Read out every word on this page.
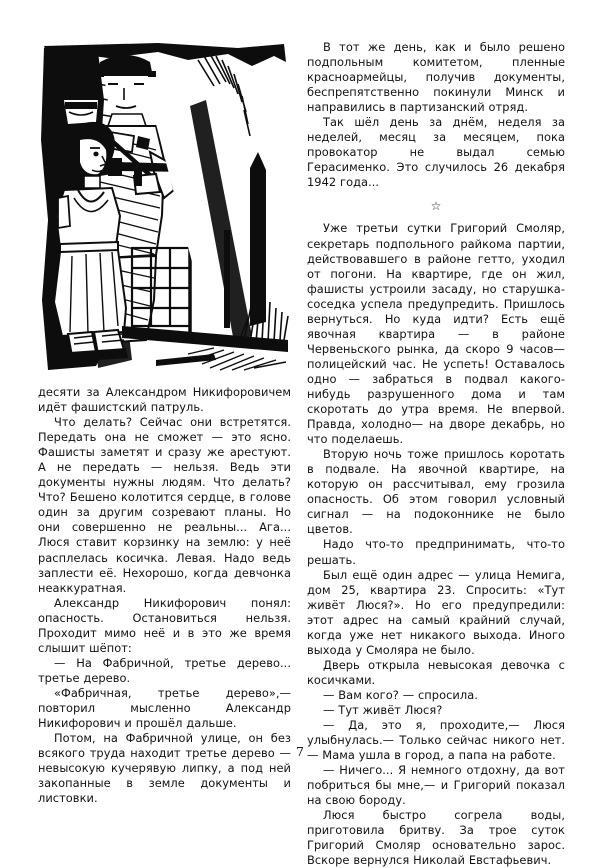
десяти за Александром Никифоровичем идёт фашистский патруль.

Что делать? Сейчас они встретятся. Передать она не сможет — это ясно. Фашисты заметят и сразу же арестуют. А не передать — нельзя. Ведь эти документы нужны людям. Что делать? Что? Бешено колотится сердце, в голове один за другим созревают планы. Но они совершенно не реальны... Ага... Люся ставит корзинку на землю: у неё расплелась косичка. Левая. Надо ведь заплести её. Нехорошо, когда девчонка неаккуратная.

Александр Никифорович понял: опасность. Остановиться нельзя. Проходит мимо неё и в это же время слышит шёпот:

— На Фабричной, третье дерево... третье дерево.

«Фабричная, третье дерево»,— повторил мысленно Александр Никифорович и прошёл дальше.

Потом, на Фабричной улице, он без всякого труда находит третье дерево — невысокую кучерявую липку, а под ней закопанные в земле документы и листовки.

В тот же день, как и было решено подпольным комитетом, пленные красноармейцы, получив документы, беспрепятственно покинули Минск и направились в партизанский отряд.

Так шёл день за днём, неделя за неделей, месяц за месяцем, пока провокатор не выдал семью Герасименко. Это случилось 26 декабря 1942 года...

☆

Уже третьи сутки Григорий Смоляр, секретарь подпольного райкома партии, действовавшего в районе гетто, уходил от погони. На квартире, где он жил, фашисты устроили засаду, но старушка-соседка успела предупредить. Пришлось вернуться. Но куда идти? Есть ещё явочная квартира — в районе Червеньского рынка, да скоро 9 часов— полицейский час. Не успеть! Оставалось одно — забраться в подвал какого-нибудь разрушенного дома и там скоротать до утра время. Не впервой. Правда, холодно— на дворе декабрь, но что поделаешь.

Вторую ночь тоже пришлось коротать в подвале. На явочной квартире, на которую он рассчитывал, ему грозила опасность. Об этом говорил условный сигнал — на подоконнике не было цветов.

Надо что-то предпринимать, что-то решать.

Был ещё один адрес — улица Немига, дом 25, квартира 23. Спросить: «Тут живёт Люся?». Но его предупредили: этот адрес на самый крайний случай, когда уже нет никакого выхода. Иного выхода у Смоляра не было.

Дверь открыла невысокая девочка с косичками.

— Вам кого? — спросила.

— Тут живёт Люся?

— Да, это я, проходите,— Люся улыбнулась.— Только сейчас никого нет.— Мама ушла в город, а папа на работе.

— Ничего... Я немного отдохну, да вот побриться бы мне,— и Григорий показал на свою бороду.

Люся быстро согрела воды, приготовила бритву. За трое суток Григорий Смоляр основательно зарос. Вскоре вернулся Николай Евстафьевич.

7
